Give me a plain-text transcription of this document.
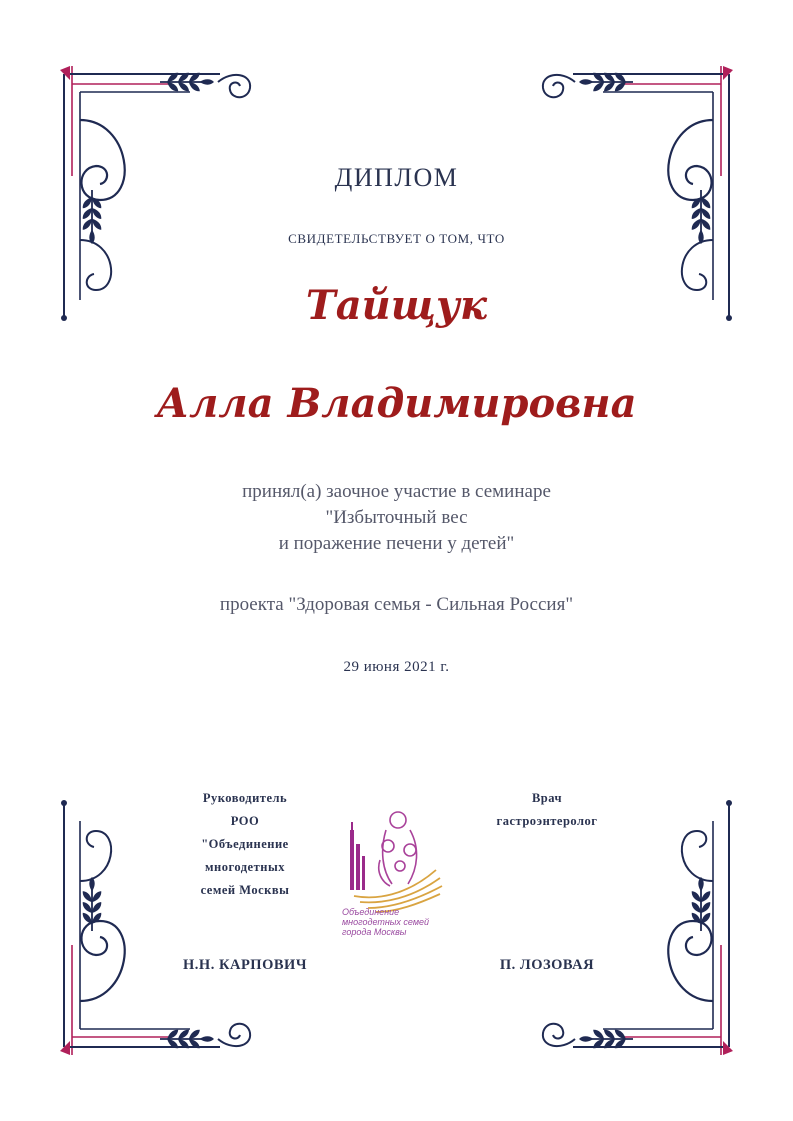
ДИПЛОМ
СВИДЕТЕЛЬСТВУЕТ О ТОМ, ЧТО
Тайщук
Алла Владимировна
принял(а) заочное участие в семинаре
"Избыточный вес
и поражение печени у детей"
проекта "Здоровая семья - Сильная Россия"
29 июня 2021 г.
Руководитель
РОО
"Объединение
многодетных
семей Москвы
Врач
гастроэнтеролог
Н.Н. КАРПОВИЧ	П. ЛОЗОВАЯ
Объединение
многодетных семей
города Москвы
